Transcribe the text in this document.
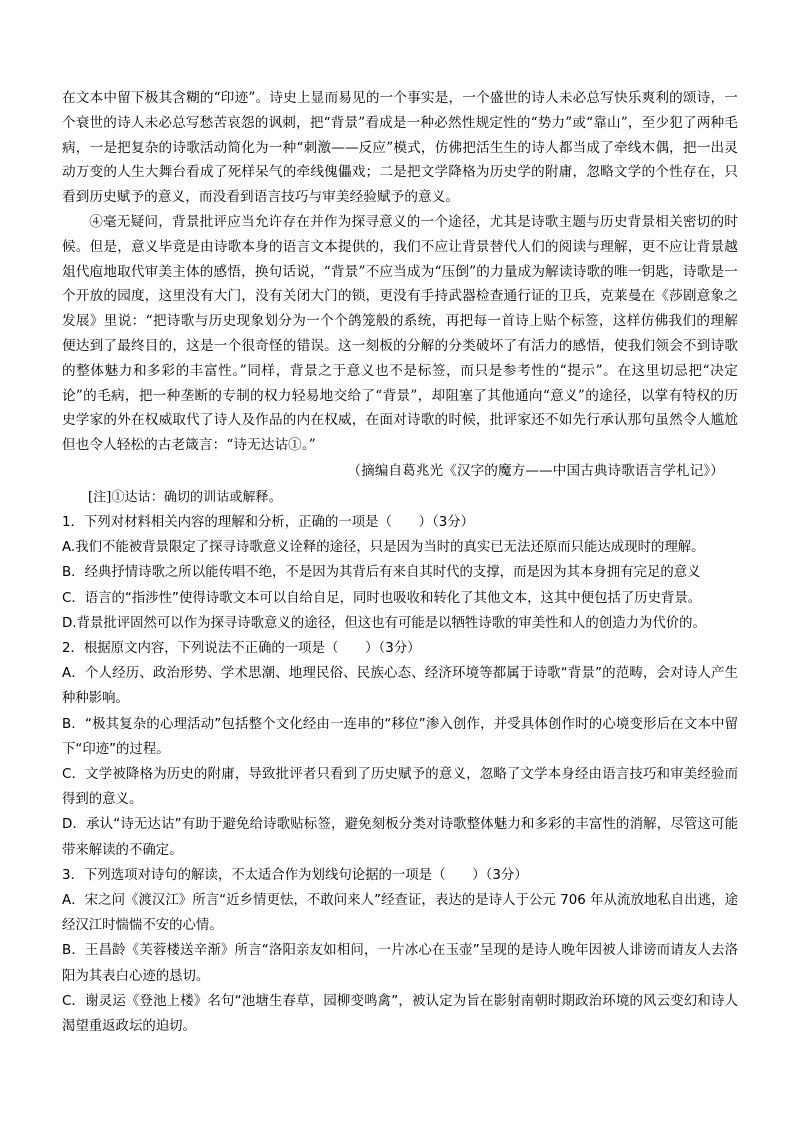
在文本中留下极其含糊的“印迹”。诗史上显而易见的一个事实是，一个盛世的诗人未必总写快乐爽利的颂诗，一个衰世的诗人未必总写愁苦哀怨的讽刺，把“背景”看成是一种必然性规定性的“势力”或“靠山”，至少犯了两种毛病，一是把复杂的诗歌活动简化为一种“刺激——反应”模式，仿佛把活生生的诗人都当成了牵线木偶，把一出灵动万变的人生大舞台看成了死样呆气的牵线傀儡戏；二是把文学降格为历史学的附庸，忽略文学的个性存在，只看到历史赋予的意义，而没看到语言技巧与审美经验赋予的意义。

④毫无疑问，背景批评应当允许存在并作为探寻意义的一个途径，尤其是诗歌主题与历史背景相关密切的时候。但是，意义毕竟是由诗歌本身的语言文本提供的，我们不应让背景替代人们的阅读与理解，更不应让背景越俎代庖地取代审美主体的感悟，换句话说，“背景”不应当成为“压倒”的力量成为解读诗歌的唯一钥匙，诗歌是一个开放的园度，这里没有大门，没有关闭大门的锁，更没有手持武器检查通行证的卫兵，克莱曼在《莎剧意象之发展》里说：“把诗歌与历史现象划分为一个个鸽笼般的系统，再把每一首诗上贴个标签，这样仿佛我们的理解便达到了最终目的，这是一个很奇怪的错误。这一刻板的分解的分类破坏了有活力的感悟，使我们领会不到诗歌的整体魅力和多彩的丰富性。”同样，背景之于意义也不是标签，而只是参考性的“提示”。在这里切忌把“决定论”的毛病，把一种垄断的专制的权力轻易地交给了“背景”，却阻塞了其他通向“意义”的途径，以掌有特权的历史学家的外在权威取代了诗人及作品的内在权威，在面对诗歌的时候，批评家还不如先行承认那句虽然令人尴尬但也令人轻松的古老箴言：“诗无达诂①。”

（摘编自葛兆光《汉字的魔方——中国古典诗歌语言学札记》）
[注]①达诂：确切的训诂或解释。

1．下列对材料相关内容的理解和分析，正确的一项是（　　）（3分）

A.我们不能被背景限定了探寻诗歌意义诠释的途径，只是因为当时的真实已无法还原而只能达成现时的理解。

B．经典抒情诗歌之所以能传唱不绝，不是因为其背后有来自其时代的支撑，而是因为其本身拥有完足的意义

C．语言的“指涉性”使得诗歌文本可以自给自足，同时也吸收和转化了其他文本，这其中便包括了历史背景。

D.背景批评固然可以作为探寻诗歌意义的途径，但这也有可能是以牺牲诗歌的审美性和人的创造力为代价的。

2．根据原文内容，下列说法不正确的一项是（　　）（3分）

A．个人经历、政治形势、学术思潮、地理民俗、民族心态、经济环境等都属于诗歌“背景”的范畴，会对诗人产生种种影响。

B．“极其复杂的心理活动”包括整个文化经由一连串的“移位”渗入创作，并受具体创作时的心境变形后在文本中留下“印迹”的过程。

C．文学被降格为历史的附庸，导致批评者只看到了历史赋予的意义，忽略了文学本身经由语言技巧和审美经验而得到的意义。

D．承认“诗无达诂”有助于避免给诗歌贴标签，避免刻板分类对诗歌整体魅力和多彩的丰富性的消解，尽管这可能带来解读的不确定。

3．下列选项对诗句的解读，不太适合作为划线句论据的一项是（　　）（3分）

A．宋之问《渡汉江》所言“近乡情更怯，不敢问来人”经查证，表达的是诗人于公元 706 年从流放地私自出逃，途经汉江时惴惴不安的心情。

B．王昌龄《芙蓉楼送辛渐》所言“洛阳亲友如相问，一片冰心在玉壶”呈现的是诗人晚年因被人诽谤而请友人去洛阳为其表白心迹的恳切。

C．谢灵运《登池上楼》名句“池塘生春草，园柳变鸣禽”，被认定为旨在影射南朝时期政治环境的风云变幻和诗人渴望重返政坛的迫切。
